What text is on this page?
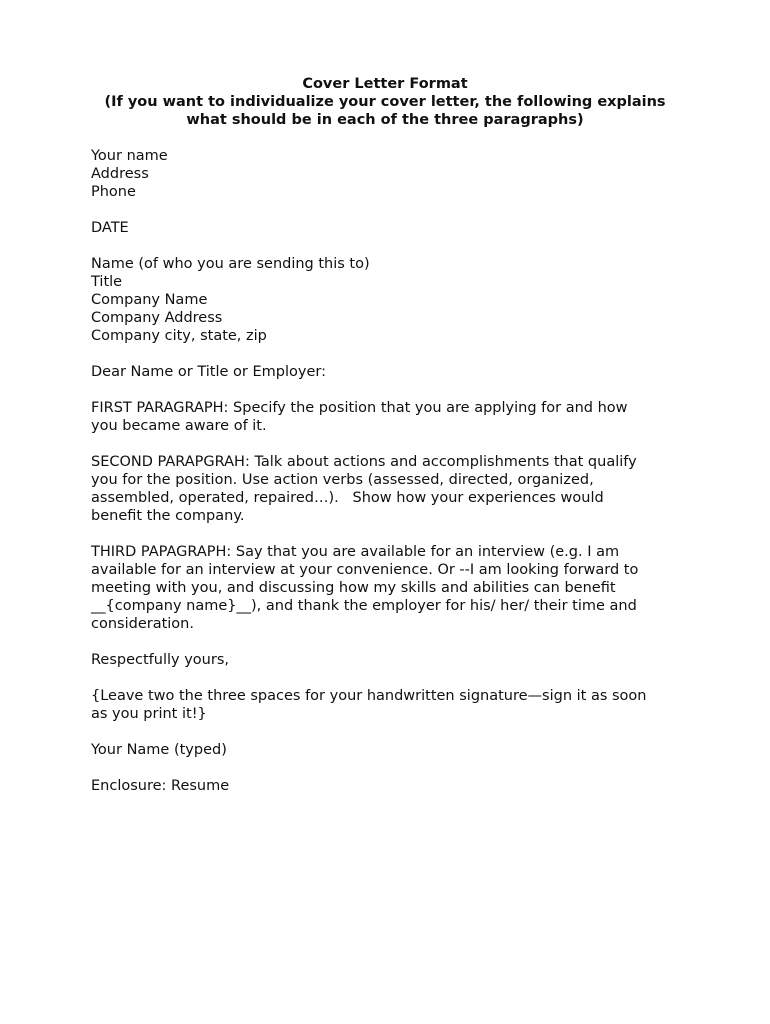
Cover Letter Format
(If you want to individualize your cover letter, the following explains
what should be in each of the three paragraphs)
Your name
Address
Phone
DATE
Name (of who you are sending this to)
Title
Company Name
Company Address
Company city, state, zip
Dear Name or Title or Employer:
FIRST PARAGRAPH: Specify the position that you are applying for and how
you became aware of it.
SECOND PARAPGRAH: Talk about actions and accomplishments that qualify
you for the position. Use action verbs (assessed, directed, organized,
assembled, operated, repaired…).   Show how your experiences would
benefit the company.
THIRD PAPAGRAPH: Say that you are available for an interview (e.g. I am
available for an interview at your convenience. Or --I am looking forward to
meeting with you, and discussing how my skills and abilities can benefit
__{company name}__), and thank the employer for his/ her/ their time and
consideration.
Respectfully yours,
{Leave two the three spaces for your handwritten signature—sign it as soon
as you print it!}
Your Name (typed)
Enclosure: Resume
